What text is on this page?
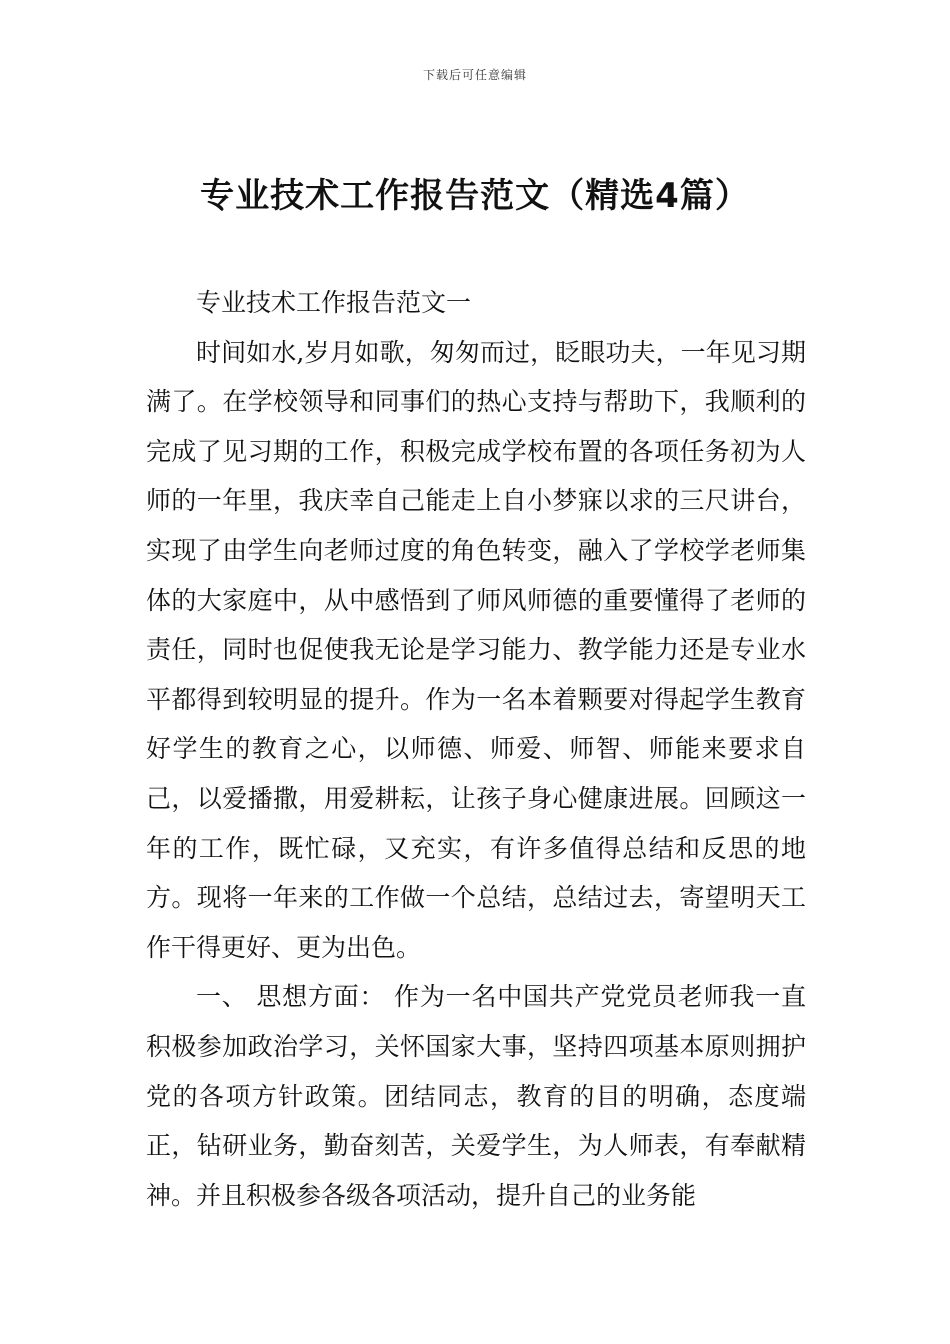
下载后可任意编辑
专业技术工作报告范文（精选4篇）

专业技术工作报告范文一

时间如水,岁月如歌，匆匆而过，眨眼功夫，一年见习期满了。在学校领导和同事们的热心支持与帮助下，我顺利的完成了见习期的工作，积极完成学校布置的各项任务初为人师的一年里，我庆幸自己能走上自小梦寐以求的三尺讲台，实现了由学生向老师过度的角色转变，融入了学校学老师集体的大家庭中，从中感悟到了师风师德的重要懂得了老师的责任，同时也促使我无论是学习能力、教学能力还是专业水平都得到较明显的提升。作为一名本着颗要对得起学生教育好学生的教育之心，以师德、师爱、师智、师能来要求自己，以爱播撒，用爱耕耘，让孩子身心健康进展。回顾这一年的工作，既忙碌，又充实，有许多值得总结和反思的地方。现将一年来的工作做一个总结，总结过去，寄望明天工作干得更好、更为出色。

一、 思想方面： 作为一名中国共产党党员老师我一直积极参加政治学习，关怀国家大事，坚持四项基本原则拥护党的各项方针政策。团结同志，教育的目的明确，态度端正，钻研业务，勤奋刻苦，关爱学生，为人师表，有奉献精神。并且积极参各级各项活动，提升自己的业务能
